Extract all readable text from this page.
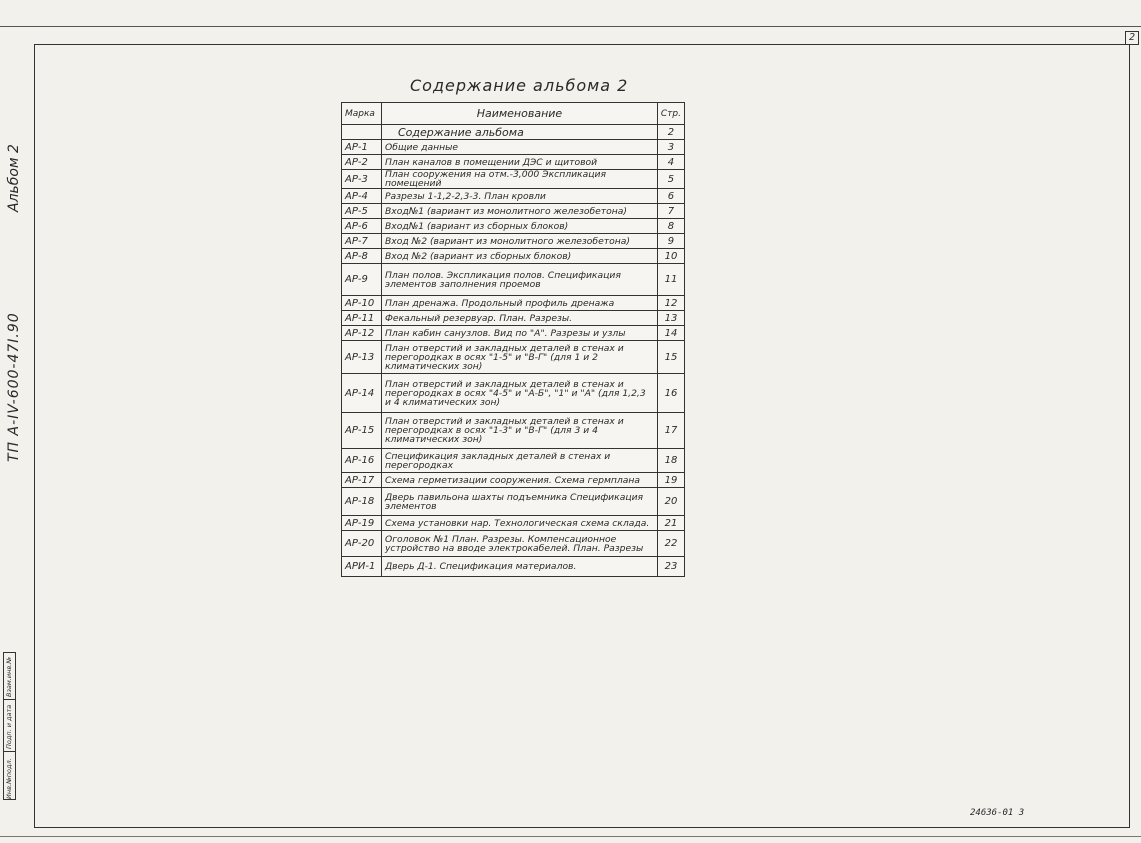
2
Альбом 2
ТП А-IV-600-47І.90
Инв.№подл.
Подп. и дата
Взам.инв.№
Содержание альбома 2
Марка	Наименование	Стр.
	Содержание альбома	2
АР-1	Общие данные	3
АР-2	План каналов в помещении ДЭС и щитовой	4
АР-3	План сооружения на отм.-3,000 Экспликация помещений	5
АР-4	Разрезы 1-1,2-2,3-3. План кровли	6
АР-5	Вход№1 (вариант из монолитного железобетона)	7
АР-6	Вход№1 (вариант из сборных блоков)	8
АР-7	Вход №2 (вариант из монолитного железобетона)	9
АР-8	Вход №2 (вариант из сборных блоков)	10
АР-9	План полов. Экспликация полов. Спецификация элементов заполнения проемов	11
АР-10	План дренажа. Продольный профиль дренажа	12
АР-11	Фекальный резервуар. План. Разрезы.	13
АР-12	План кабин санузлов. Вид по "А". Разрезы и узлы	14
АР-13	План отверстий и закладных деталей в стенах и перегородках в осях "1-5" и "В-Г" (для 1 и 2 климатических зон)	15
АР-14	План отверстий и закладных деталей в стенах и перегородках в осях "4-5" и "А-Б", "1" и "А" (для 1,2,3 и 4 климатических зон)	16
АР-15	План отверстий и закладных деталей в стенах и перегородках в осях "1-3" и "В-Г" (для 3 и 4 климатических зон)	17
АР-16	Спецификация закладных деталей в стенах и перегородках	18
АР-17	Схема герметизации сооружения. Схема гермплана	19
АР-18	Дверь павильона шахты подъемника Спецификация элементов	20
АР-19	Схема установки нар. Технологическая схема склада.	21
АР-20	Оголовок №1 План. Разрезы. Компенсационное устройство на вводе электрокабелей. План. Разрезы	22
АРИ-1	Дверь Д-1. Спецификация материалов.	23
24636-01 3
